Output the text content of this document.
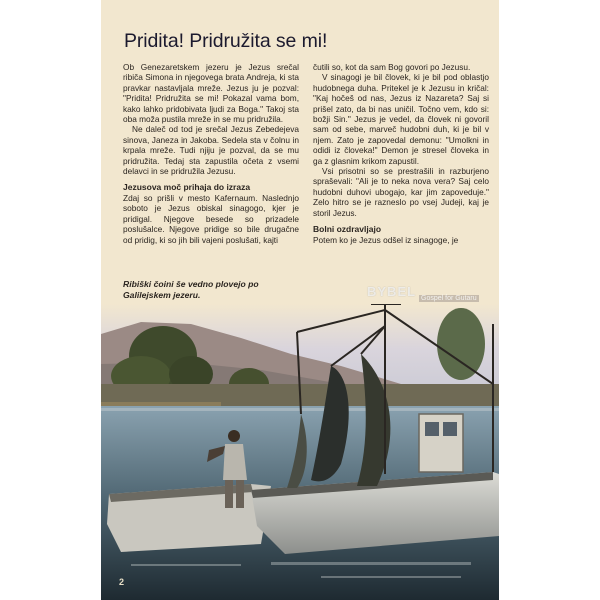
Pridita! Pridružita se mi!

Ob Genezaretskem jezeru je Jezus srečal ribiča Simona in njegovega brata Andreja, ki sta pravkar nastavljala mreže. Jezus ju je pozval: "Pridita! Pridružita se mi! Pokazal vama bom, kako lahko pridobivata ljudi za Boga." Takoj sta oba možа pustila mreže in se mu pridružila.

Ne daleč od tod je srečal Jezus Zebedejeva sinova, Janeza in Jakoba. Sedela sta v čolnu in krpala mreže. Tudi njiju je pozval, da se mu pridružita. Tedaj sta zapustila očeta z vsemi delavci in se pridružila Jezusu.

Jezusova moč prihaja do izraza

Zdaj so prišli v mesto Kafernaum. Naslednjo soboto je Jezus obiskal sinagogo, kjer je pridigal. Njegove besede so prizadele poslušalce. Njegove pridige so bile drugačne od pridig, ki so jih bili vajeni poslušati, kajti

čutili so, kot da sam Bog govori po Jezusu.

V sinagogi je bil človek, ki je bil pod oblastjo hudobnega duha. Pritekel je k Jezusu in kričal: "Kaj hočeš od nas, Jezus iz Nazareta? Saj si prišel zato, da bi nas uničil. Točno vem, kdo si: božji Sin." Jezus je vedel, da človek ni govoril sam od sebe, marveč hudobni duh, ki je bil v njem. Zato je zapovedal demonu: "Umolkni in odidi iz človeka!" Demon je stresel človeka in ga z glasnim krikom zapustil.

Vsi prisotni so se prestrašili in razburjeno spraševali: "Ali je to neka nova vera? Saj celo hudobni duhovi ubogajo, kar jim zapoveduje." Zelo hitro se je raznеslo po vsej Judeji, kaj je storil Jezus.

Bolni ozdravljajo

Potem ko je Jezus odšel iz sinagoge, je

Ribiški čoini še vedno plovejo po Galilejskem jezeru.	BYBEL Gospel for Gutaru
2
